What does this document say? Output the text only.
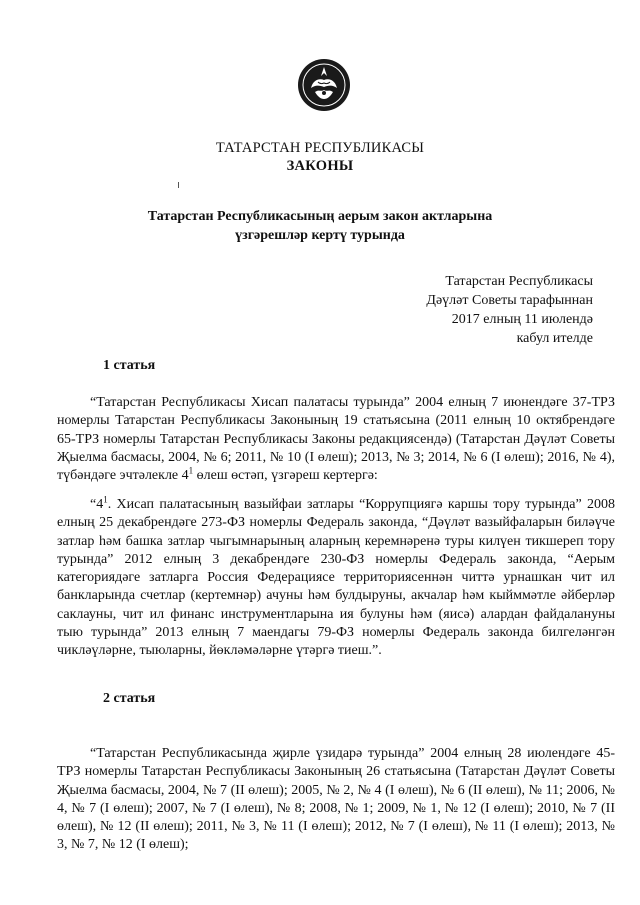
ТАТАРСТАН РЕСПУБЛИКАСЫ
ЗАКОНЫ
Татарстан Республикасының аерым закон актларына
үзгәрешләр кертү турында
Татарстан Республикасы
Дәүләт Советы тарафыннан
2017 елның 11 июлендә
кабул ителде
1 статья

“Татарстан Республикасы Хисап палатасы турында” 2004 елның 7 июнендәге 37-ТРЗ номерлы Татарстан Республикасы Законының 19 статьясына (2011 елның 10 октябрендәге 65-ТРЗ номерлы Татарстан Республикасы Законы редакциясендә) (Татарстан Дәүләт Советы Җыелма басмасы, 2004, № 6; 2011, № 10 (I өлеш); 2013, № 3; 2014, № 6 (I өлеш); 2016, № 4), түбәндәге эчтәлекле $4^1$ өлеш өстәп, үзгәреш кертергә:

“$4^1$. Хисап палатасының вазыйфаи затлары “Коррупциягә каршы тору турында” 2008 елның 25 декабрендәге 273-ФЗ номерлы Федераль законда, “Дәүләт вазыйфаларын биләүче затлар һәм башка затлар чыгымнарының аларның керемнәренә туры килүен тикшереп тору турында” 2012 елның 3 декабрендәге 230-ФЗ номерлы Федераль законда, “Аерым категориядәге затларга Россия Федерациясе территориясеннән читтә урнашкан чит ил банкларында счетлар (кертемнәр) ачуны һәм булдыруны, акчалар һәм кыйммәтле әйберләр саклауны, чит ил финанс инструментларына ия булуны һәм (яисә) алардан файдалануны тыю турында” 2013 елның 7 маендагы 79-ФЗ номерлы Федераль законда билгеләнгән чикләүләрне, тыюларны, йөкләмәләрне үтәргә тиеш.”.

2 статья

“Татарстан Республикасында җирле үзидарә турында” 2004 елның 28 июлендәге 45-ТРЗ номерлы Татарстан Республикасы Законының 26 статьясына (Татарстан Дәүләт Советы Җыелма басмасы, 2004, № 7 (II өлеш); 2005, № 2, № 4 (I өлеш), № 6 (II өлеш), № 11; 2006, № 4, № 7 (I өлеш); 2007, № 7 (I өлеш), № 8; 2008, № 1; 2009, № 1, № 12 (I өлеш); 2010, № 7 (II өлеш), № 12 (II өлеш); 2011, № 3, № 11 (I өлеш); 2012, № 7 (I өлеш), № 11 (I өлеш); 2013, № 3, № 7, № 12 (I өлеш);
